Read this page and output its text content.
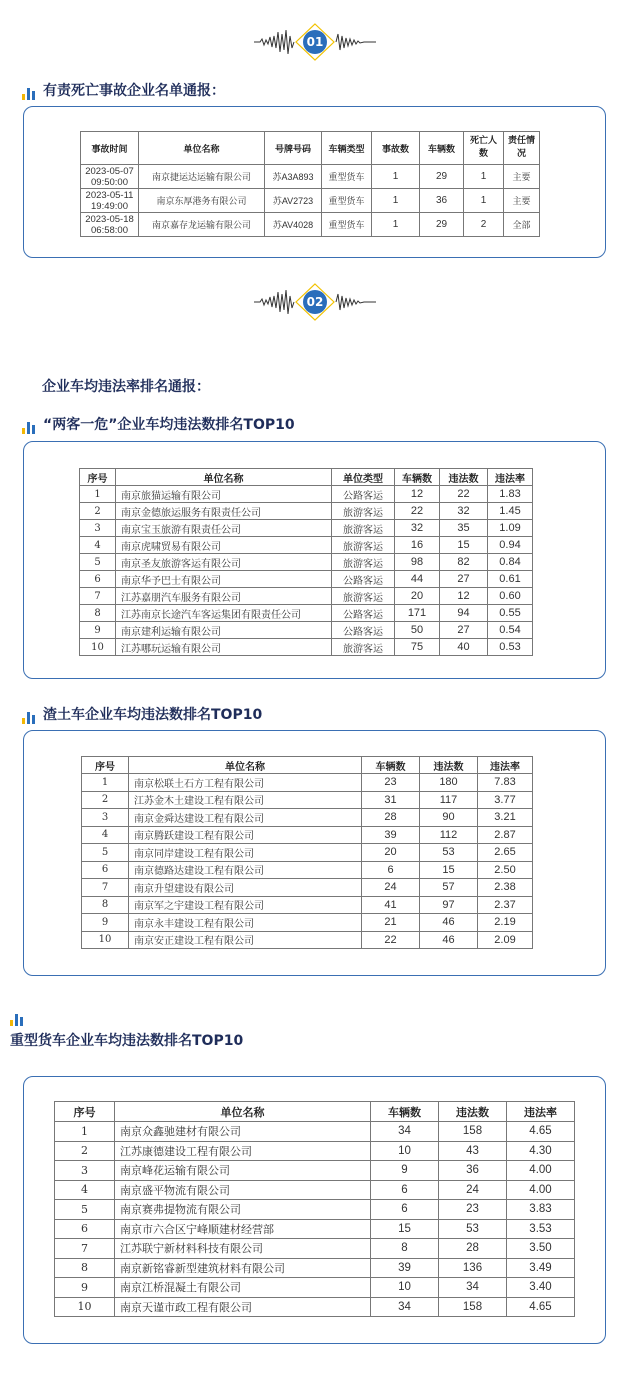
01
有责死亡事故企业名单通报：
事故时间	单位名称	号牌号码	车辆类型	事故数	车辆数	死亡人数	责任情况

2023-05-07
09:50:00	南京捷运达运输有限公司	苏A3A893	重型货车	1	29	1	主要

2023-05-11
19:49:00	南京东厚港务有限公司	苏AV2723	重型货车	1	36	1	主要

2023-05-18
06:58:00	南京嘉存龙运输有限公司	苏AV4028	重型货车	1	29	2	全部
02
企业车均违法率排名通报：
“两客一危”企业车均违法数排名TOP10
序号	单位名称	单位类型	车辆数	违法数	违法率
1	南京旅猫运输有限公司	公路客运	12	22	1.83
2	南京金德旅运服务有限责任公司	旅游客运	22	32	1.45
3	南京宝玉旅游有限责任公司	旅游客运	32	35	1.09
4	南京虎啸贸易有限公司	旅游客运	16	15	0.94
5	南京圣友旅游客运有限公司	旅游客运	98	82	0.84
6	南京华予巴士有限公司	公路客运	44	27	0.61
7	江苏嘉朋汽车服务有限公司	旅游客运	20	12	0.60
8	江苏南京长途汽车客运集团有限责任公司	公路客运	171	94	0.55
9	南京建利运输有限公司	公路客运	50	27	0.54
10	江苏哪玩运输有限公司	旅游客运	75	40	0.53
渣土车企业车均违法数排名TOP10
序号	单位名称	车辆数	违法数	违法率
1	南京松联土石方工程有限公司	23	180	7.83
2	江苏金木土建设工程有限公司	31	117	3.77
3	南京金舜达建设工程有限公司	28	90	3.21
4	南京腾跃建设工程有限公司	39	112	2.87
5	南京同岸建设工程有限公司	20	53	2.65
6	南京德路达建设工程有限公司	6	15	2.50
7	南京升望建设有限公司	24	57	2.38
8	南京军之宇建设工程有限公司	41	97	2.37
9	南京永丰建设工程有限公司	21	46	2.19
10	南京安正建设工程有限公司	22	46	2.09
重型货车企业车均违法数排名TOP10
序号	单位名称	车辆数	违法数	违法率
1	南京众鑫驰建材有限公司	34	158	4.65
2	江苏康德建设工程有限公司	10	43	4.30
3	南京峰花运输有限公司	9	36	4.00
4	南京盛平物流有限公司	6	24	4.00
5	南京赛弗提物流有限公司	6	23	3.83
6	南京市六合区宁峰顺建材经营部	15	53	3.53
7	江苏联宁新材料科技有限公司	8	28	3.50
8	南京新铭睿新型建筑材料有限公司	39	136	3.49
9	南京江桥混凝土有限公司	10	34	3.40
10	南京天谨市政工程有限公司	34	158	4.65
